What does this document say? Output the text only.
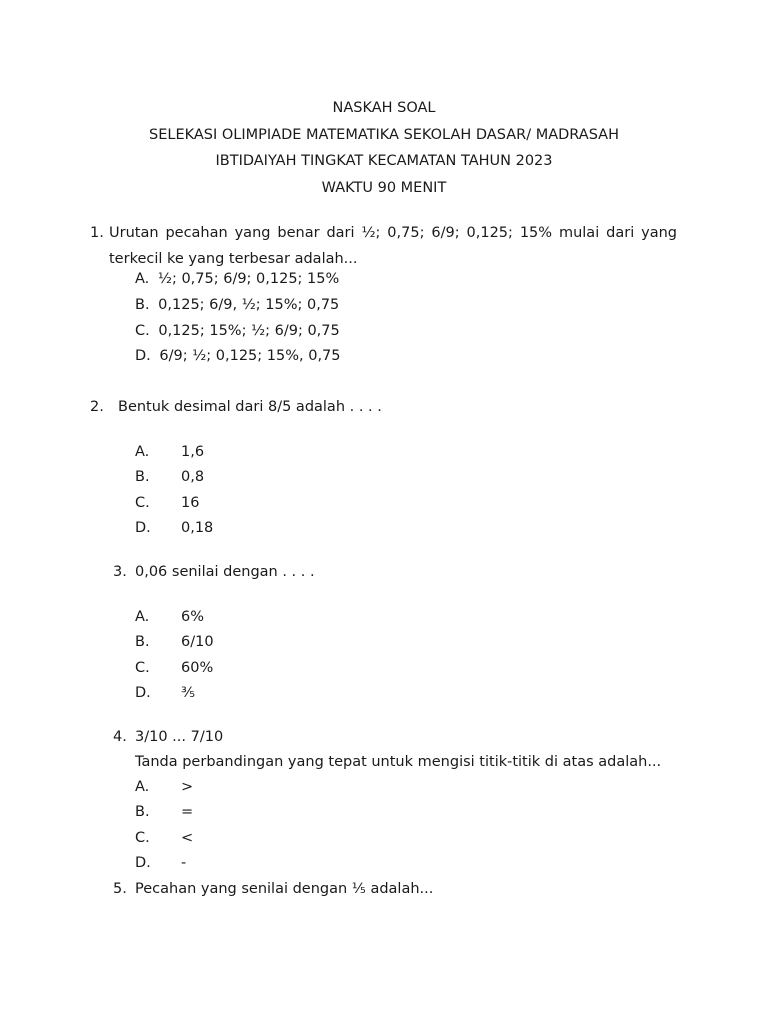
NASKAH SOAL
SELEKASI OLIMPIADE MATEMATIKA SEKOLAH DASAR/ MADRASAH
IBTIDAIYAH TINGKAT KECAMATAN TAHUN 2023
WAKTU 90 MENIT
1. Urutan pecahan yang benar dari ½; 0,75; 6/9; 0,125; 15% mulai dari yang terkecil ke yang terbesar adalah...
A. ½; 0,75; 6/9; 0,125; 15%
B. 0,125; 6/9, ½; 15%; 0,75
C. 0,125; 15%; ½; 6/9; 0,75
D. 6/9; ½; 0,125; 15%, 0,75
2. Bentuk desimal dari 8/5 adalah . . . .
A. 1,6
B. 0,8
C. 16
D. 0,18
3. 0,06 senilai dengan . . . .
A. 6%
B. 6/10
C. 60%
D. ⅗
4. 3/10 ... 7/10
Tanda perbandingan yang tepat untuk mengisi titik-titik di atas adalah...
A. >
B. =
C. <
D. -
5. Pecahan yang senilai dengan ⅕ adalah...
